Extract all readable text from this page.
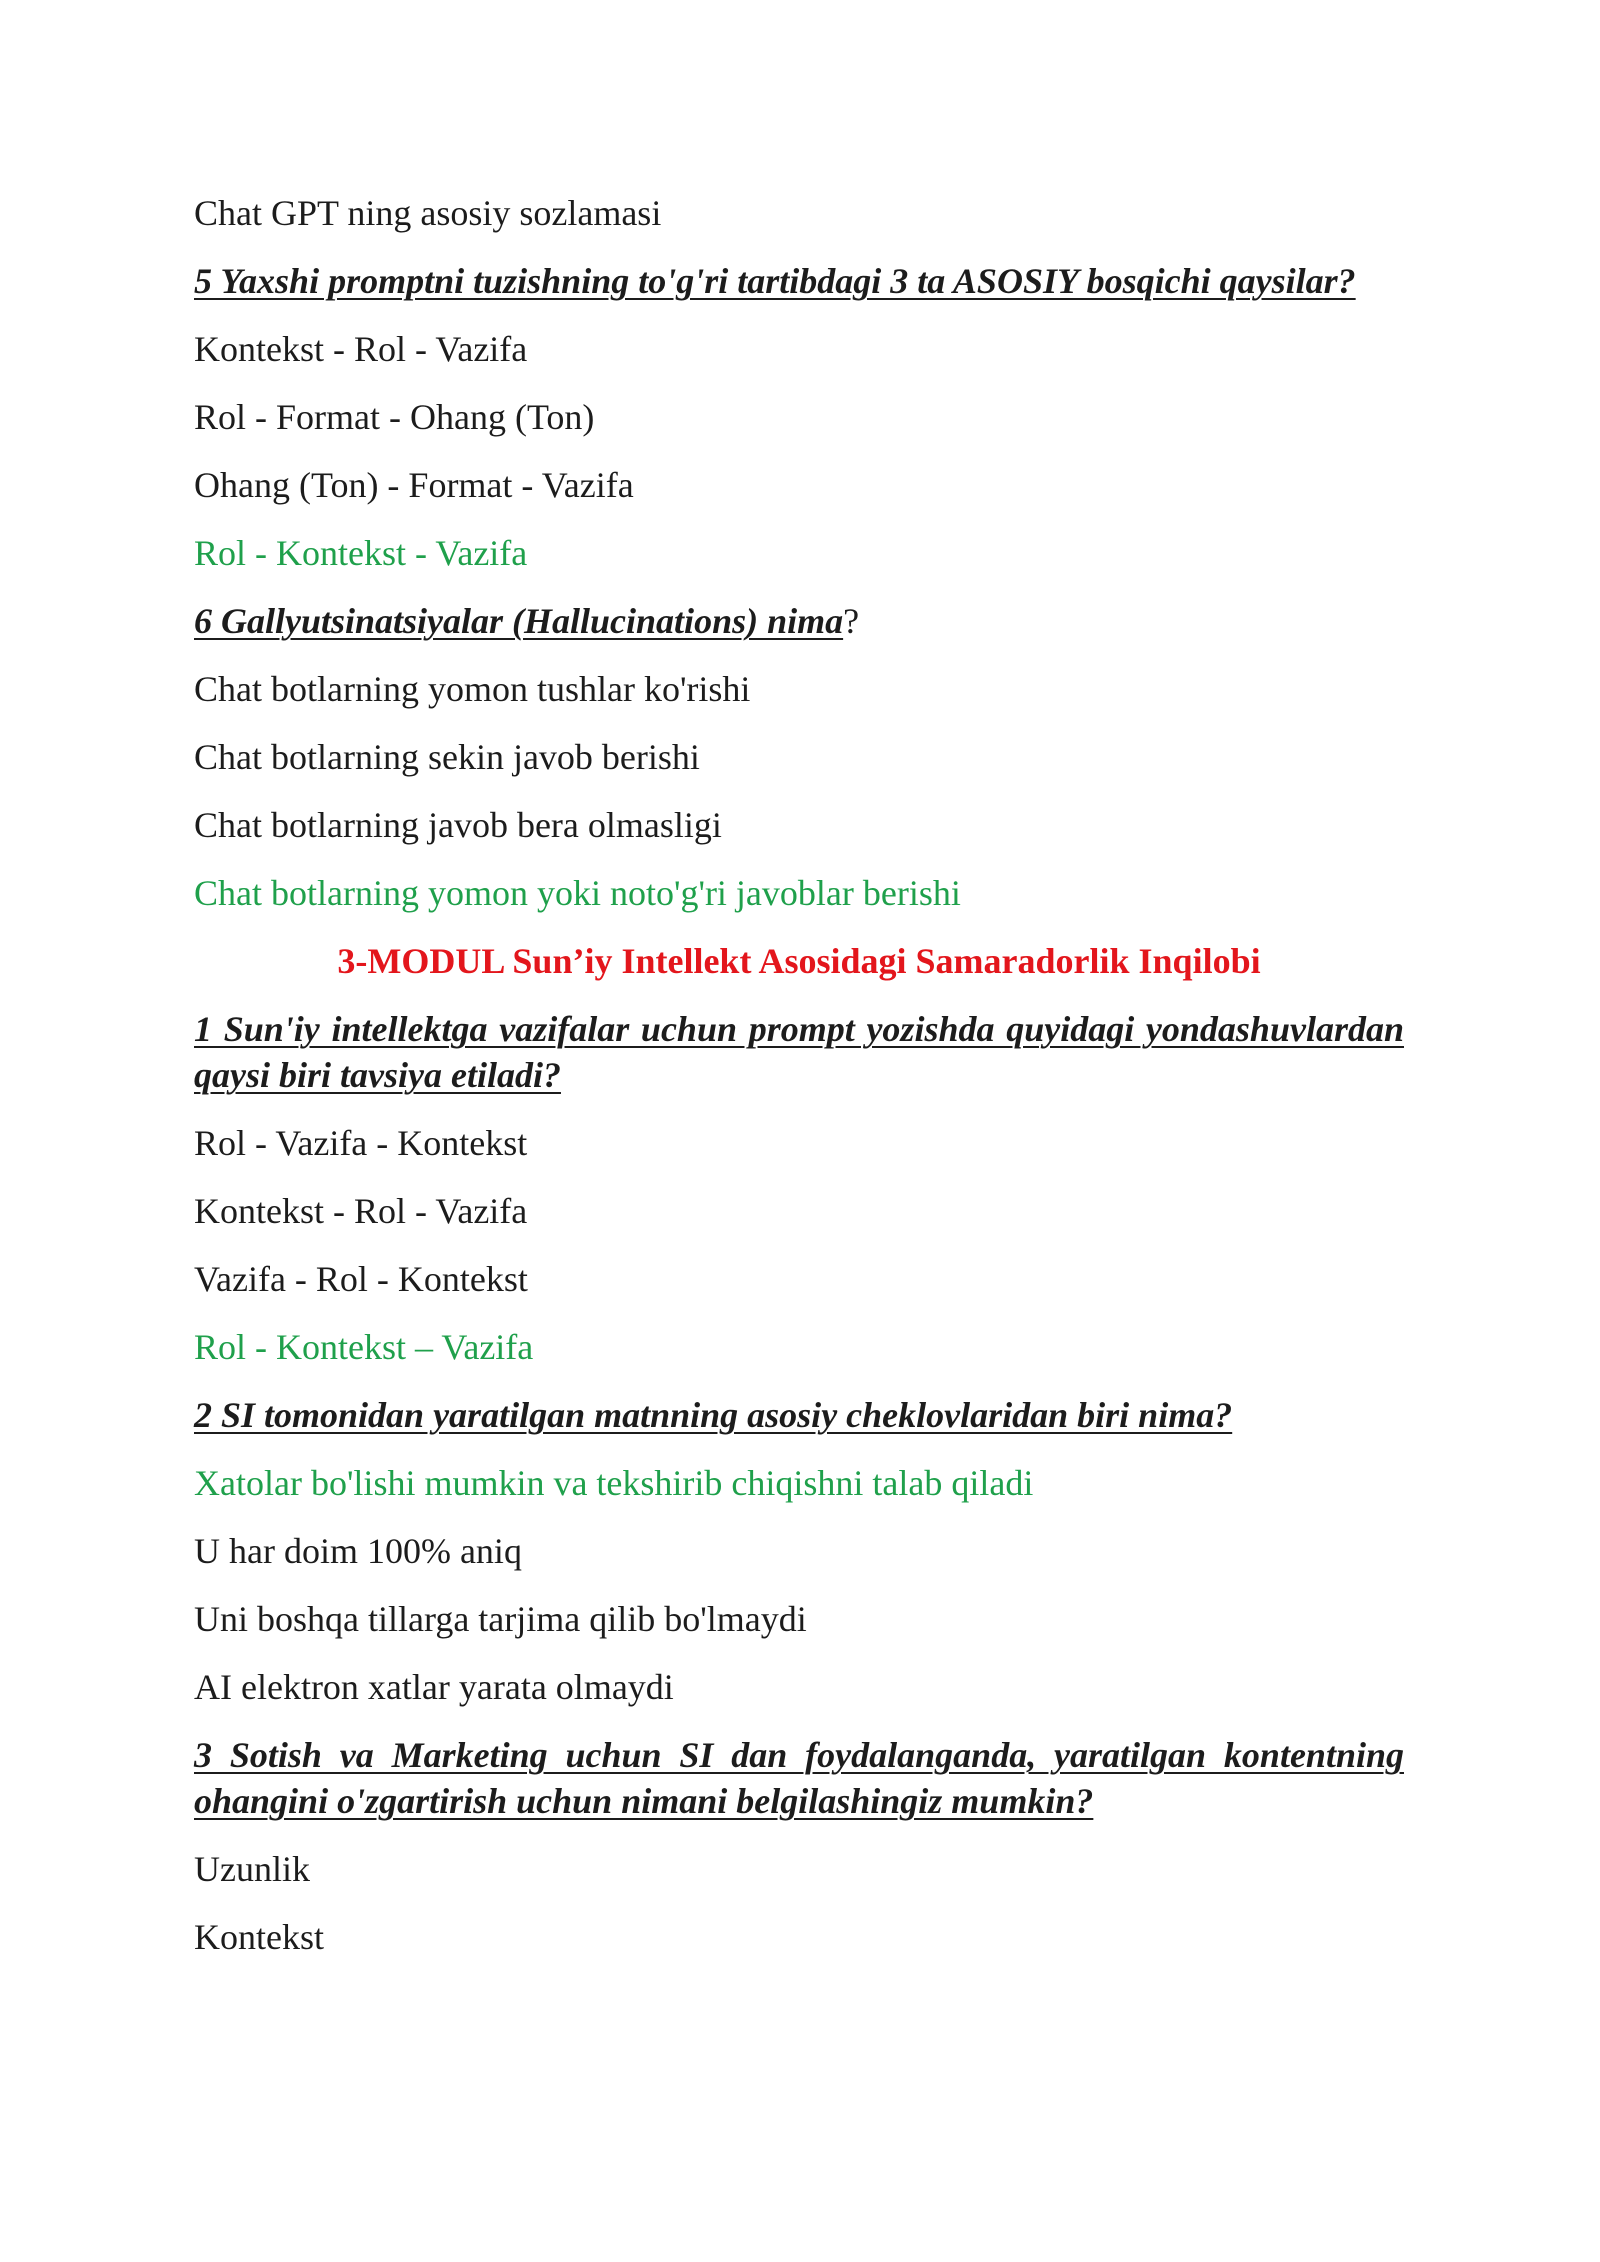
Chat GPT ning asosiy sozlamasi

5 Yaxshi promptni tuzishning to'g'ri tartibdagi 3 ta ASOSIY bosqichi qaysilar?

Kontekst - Rol - Vazifa

Rol - Format - Ohang (Ton)

Ohang (Ton) - Format - Vazifa

Rol - Kontekst - Vazifa

6 Gallyutsinatsiyalar (Hallucinations) nima?

Chat botlarning yomon tushlar ko'rishi

Chat botlarning sekin javob berishi

Chat botlarning javob bera olmasligi

Chat botlarning yomon yoki noto'g'ri javoblar berishi

3-MODUL Sun’iy Intellekt Asosidagi Samaradorlik Inqilobi

1 Sun'iy intellektga vazifalar uchun prompt yozishda quyidagi yondashuvlardan qaysi biri tavsiya etiladi?

Rol - Vazifa - Kontekst

Kontekst - Rol - Vazifa

Vazifa - Rol - Kontekst

Rol - Kontekst – Vazifa

2 SI tomonidan yaratilgan matnning asosiy cheklovlaridan biri nima?

Xatolar bo'lishi mumkin va tekshirib chiqishni talab qiladi

U har doim 100% aniq

Uni boshqa tillarga tarjima qilib bo'lmaydi

AI elektron xatlar yarata olmaydi

3 Sotish va Marketing uchun SI dan foydalanganda, yaratilgan kontentning ohangini o'zgartirish uchun nimani belgilashingiz mumkin?

Uzunlik

Kontekst
